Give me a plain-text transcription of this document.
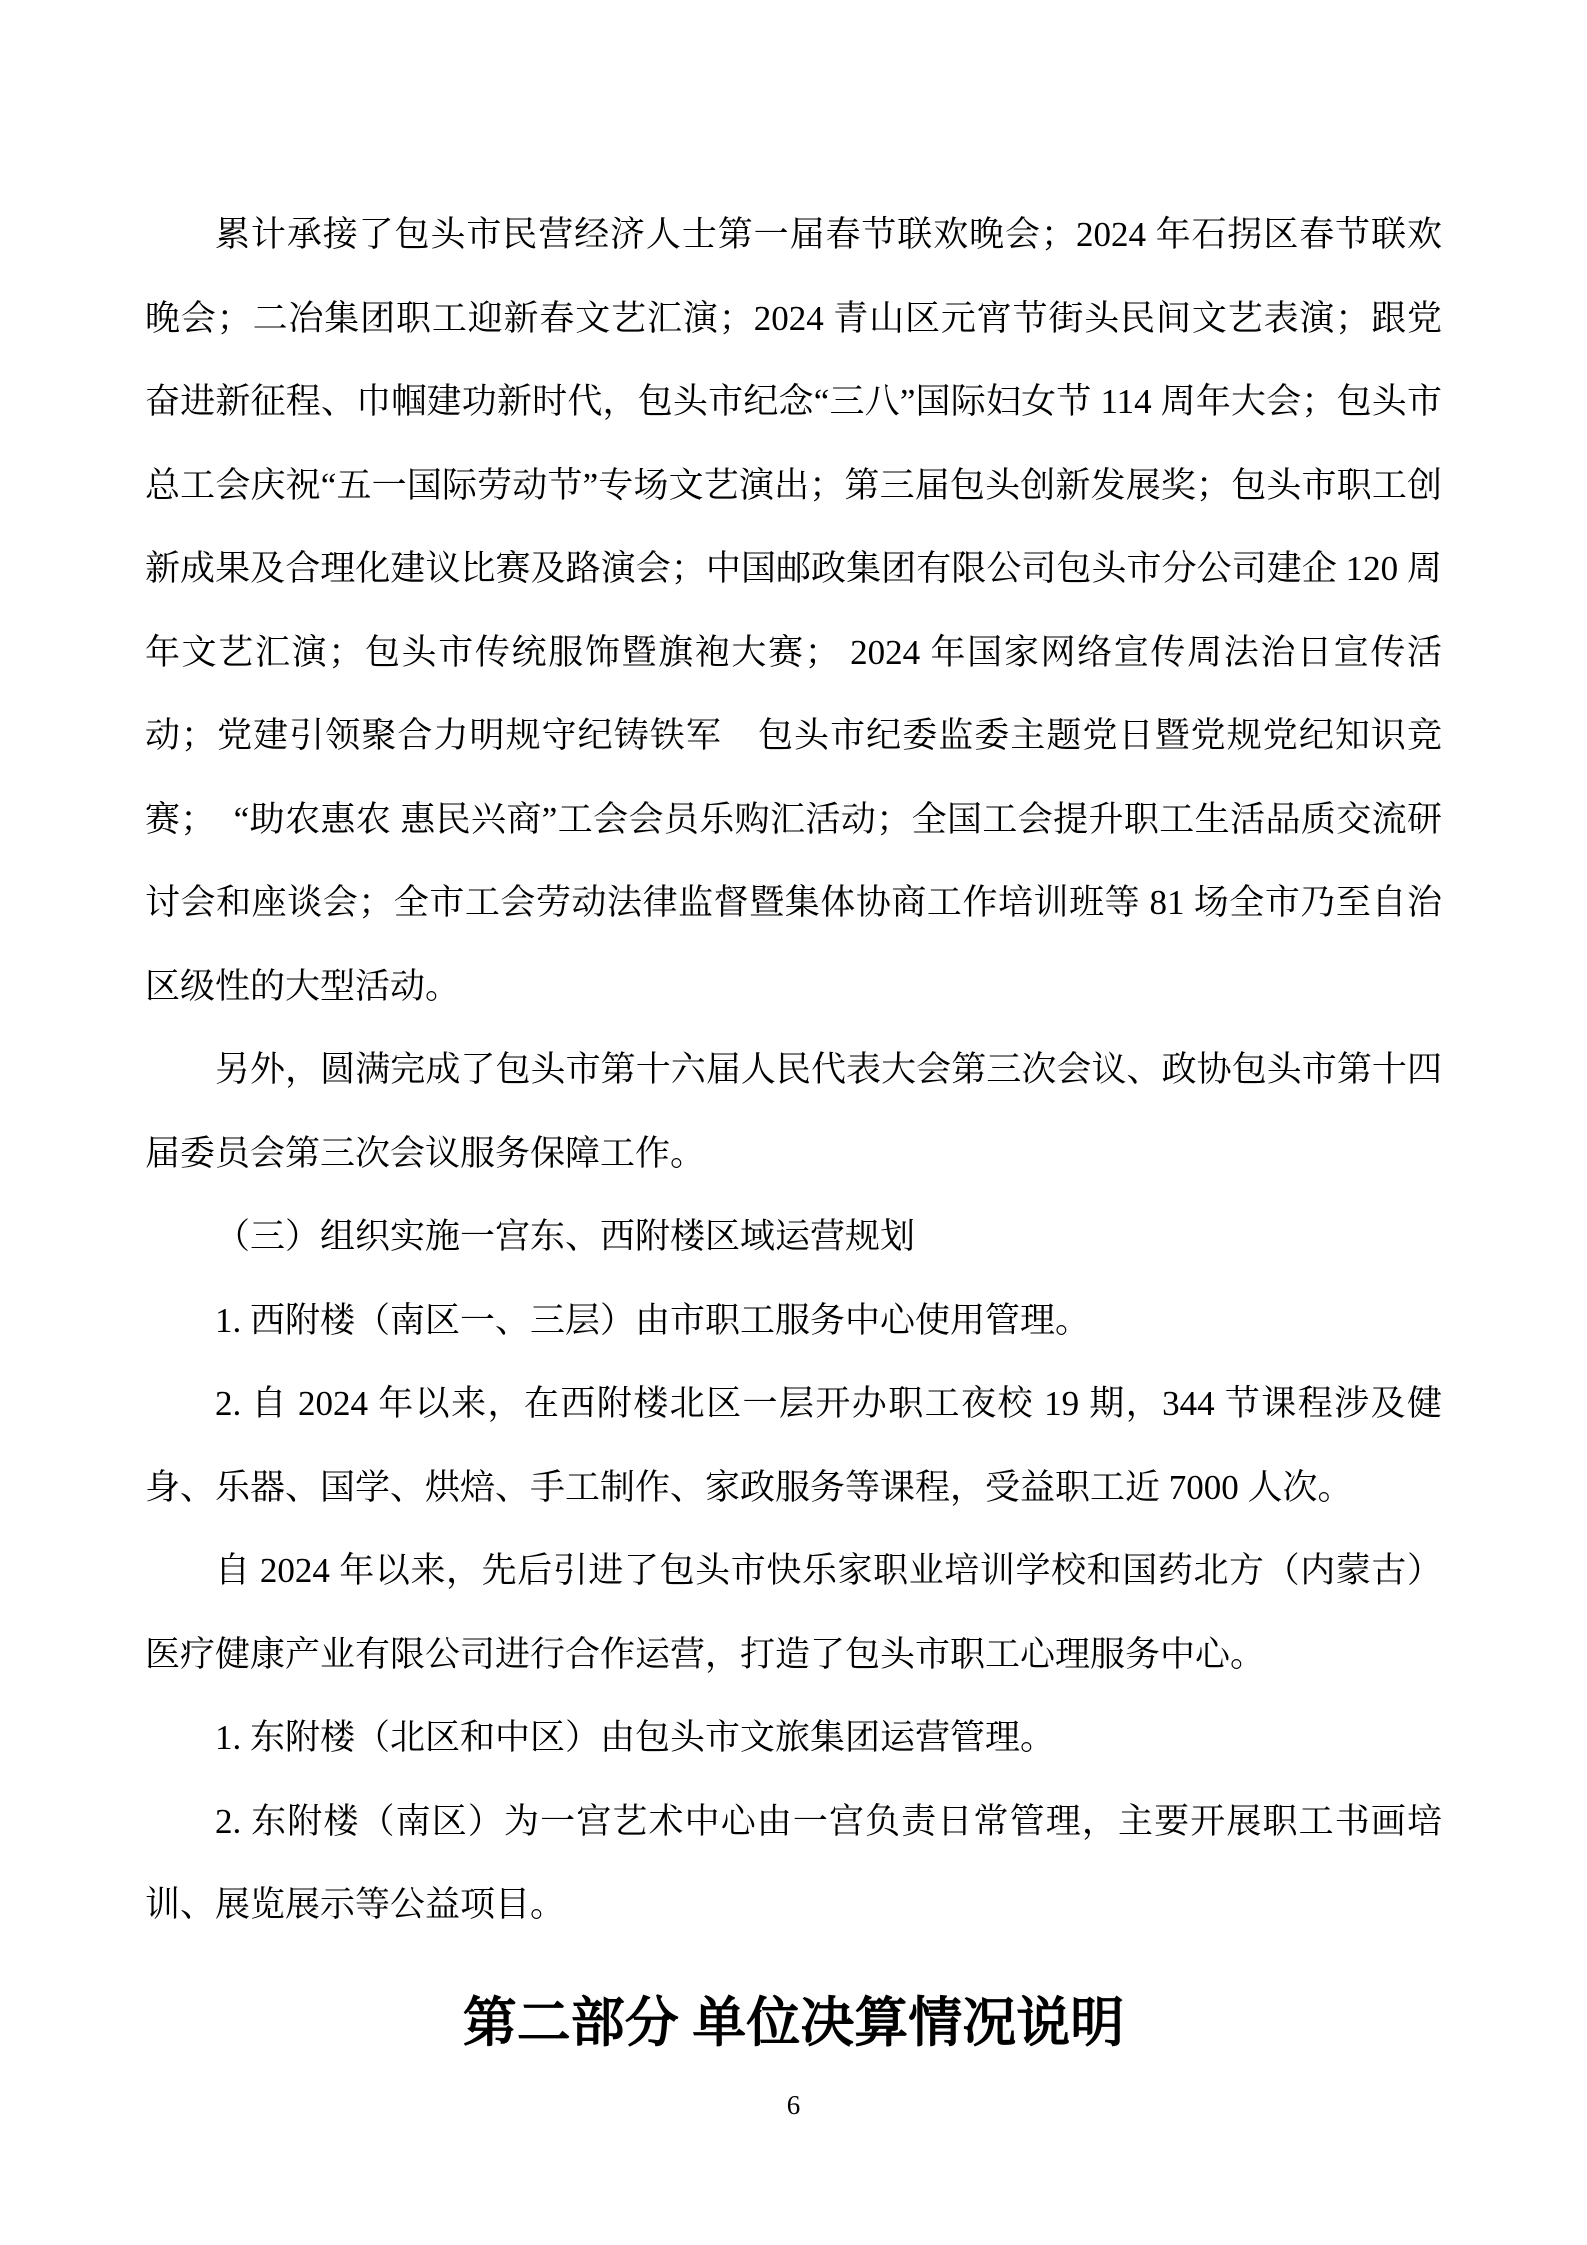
累计承接了包头市民营经济人士第一届春节联欢晚会；2024 年石拐区春节联欢晚会；二冶集团职工迎新春文艺汇演；2024 青山区元宵节街头民间文艺表演；跟党奋进新征程、巾帼建功新时代，包头市纪念“三八”国际妇女节 114 周年大会；包头市总工会庆祝“五一国际劳动节”专场文艺演出；第三届包头创新发展奖；包头市职工创新成果及合理化建议比赛及路演会；中国邮政集团有限公司包头市分公司建企 120 周年文艺汇演；包头市传统服饰暨旗袍大赛； 2024 年国家网络宣传周法治日宣传活动；党建引领聚合力明规守纪铸铁军　包头市纪委监委主题党日暨党规党纪知识竞赛；　“助农惠农 惠民兴商”工会会员乐购汇活动；全国工会提升职工生活品质交流研讨会和座谈会；全市工会劳动法律监督暨集体协商工作培训班等 81 场全市乃至自治区级性的大型活动。

另外，圆满完成了包头市第十六届人民代表大会第三次会议、政协包头市第十四届委员会第三次会议服务保障工作。

（三）组织实施一宫东、西附楼区域运营规划

1. 西附楼（南区一、三层）由市职工服务中心使用管理。

2. 自 2024 年以来，在西附楼北区一层开办职工夜校 19 期，344 节课程涉及健身、乐器、国学、烘焙、手工制作、家政服务等课程，受益职工近 7000 人次。

自 2024 年以来，先后引进了包头市快乐家职业培训学校和国药北方（内蒙古）医疗健康产业有限公司进行合作运营，打造了包头市职工心理服务中心。

1. 东附楼（北区和中区）由包头市文旅集团运营管理。

2. 东附楼（南区）为一宫艺术中心由一宫负责日常管理，主要开展职工书画培训、展览展示等公益项目。

第二部分 单位决算情况说明
6
